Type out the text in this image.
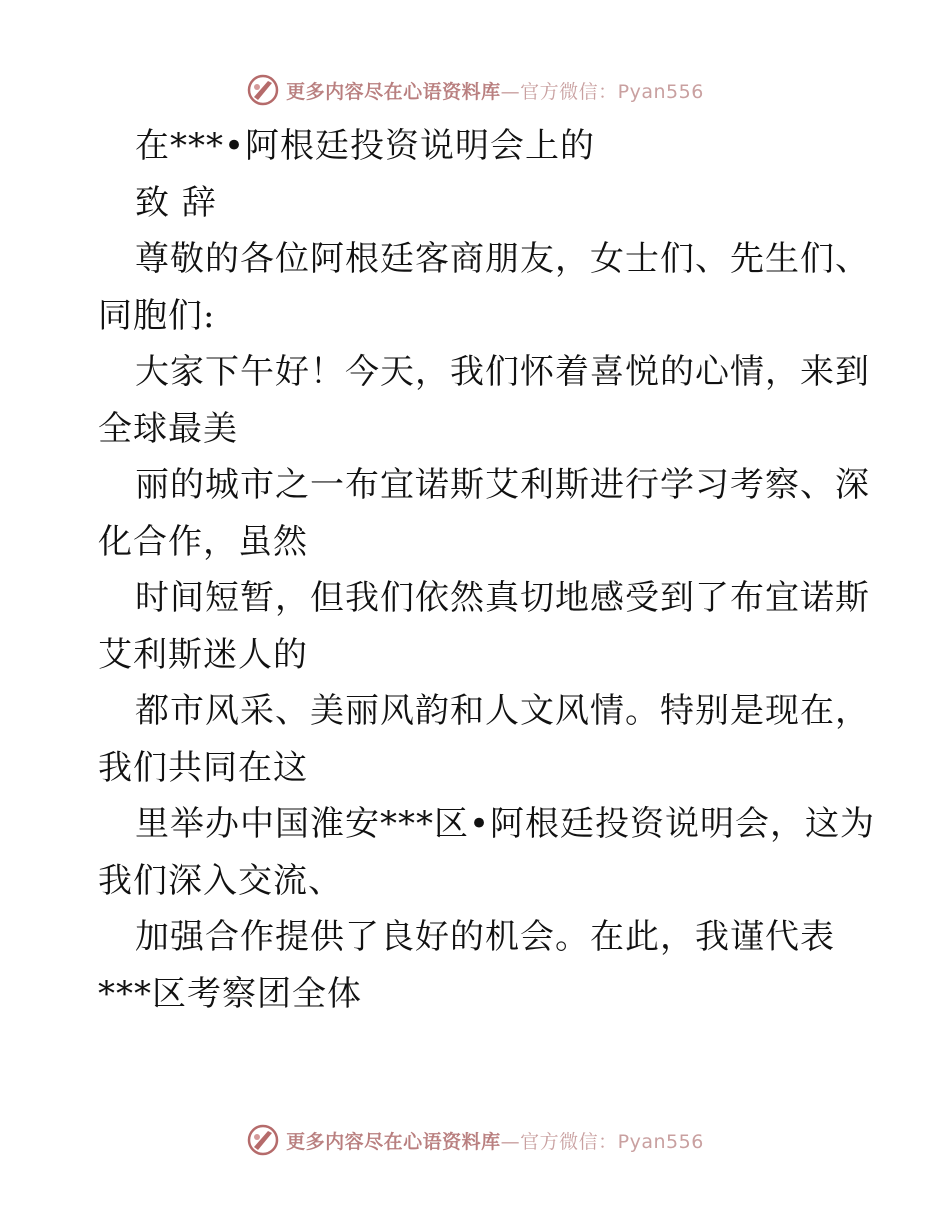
更多内容尽在心语资料库—官方微信：Pyan556
在***•阿根廷投资说明会上的
致 辞
尊敬的各位阿根廷客商朋友，女士们、先生们、
同胞们:
大家下午好！今天，我们怀着喜悦的心情，来到
全球最美
丽的城市之一布宜诺斯艾利斯进行学习考察、深
化合作，虽然
时间短暂，但我们依然真切地感受到了布宜诺斯
艾利斯迷人的
都市风采、美丽风韵和人文风情。特别是现在，
我们共同在这
里举办中国淮安***区•阿根廷投资说明会，这为
我们深入交流、
加强合作提供了良好的机会。在此，我谨代表
***区考察团全体
更多内容尽在心语资料库—官方微信：Pyan556
